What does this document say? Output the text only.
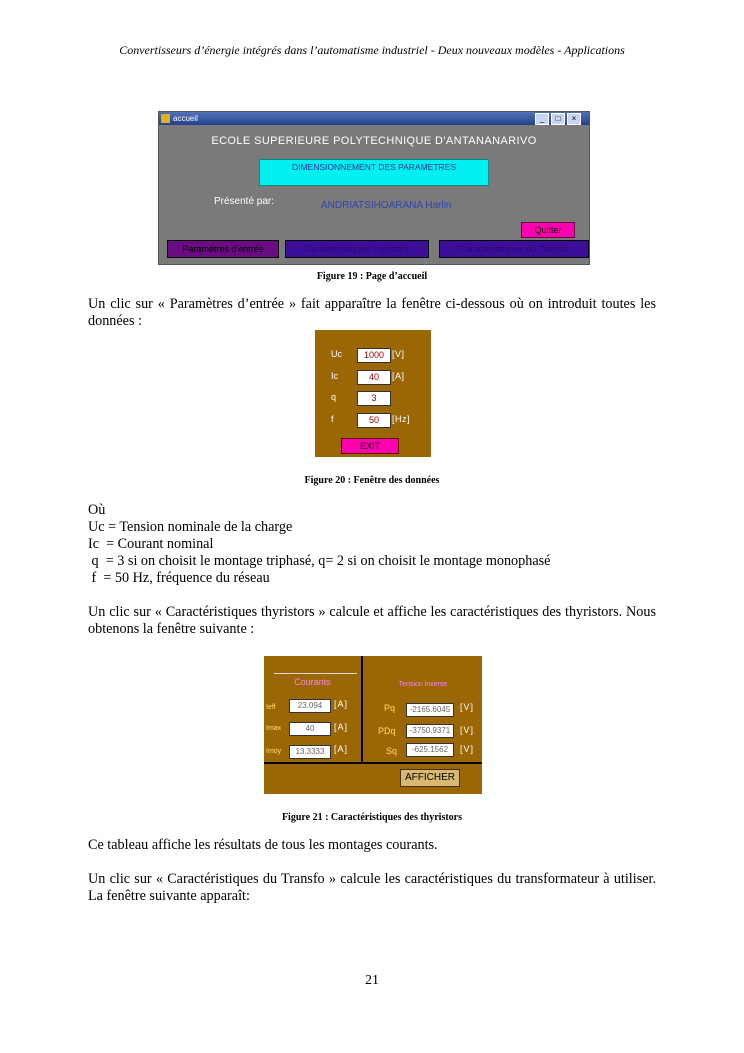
Convertisseurs d’énergie intégrés dans l’automatisme industriel - Deux nouveaux modèles - Applications
accueil	_	□	×
ECOLE SUPERIEURE POLYTECHNIQUE D'ANTANANARIVO
DIMENSIONNEMENT DES PARAMETRES
Présenté par:	ANDRIATSIHOARANA Harlin
Quitter
Paramètres d'entrée	Caractéristiques thyristors	Caractéristiques du Transfo
Figure 19 : Page d’accueil
Un clic sur « Paramètres d’entrée » fait apparaître la fenêtre ci-dessous où on introduit toutes les données :
Uc	1000 [V]
Ic	40	[A]
q	3
f	50	[Hz]
EXIT
Figure 20 : Fenêtre des données
Où
Uc = Tension nominale de la charge
Ic  = Courant nominal
q  = 3 si on choisit le montage triphasé, q= 2 si on choisit le montage monophasé
f  = 50 Hz, fréquence du réseau
Un clic sur « Caractéristiques thyristors » calcule et affiche les caractéristiques des thyristors. Nous obtenons la fenêtre suivante :
Courants	Tension inverse
Ieff	23.094	[A]
Imax	40	[A]
Imoy	13.3333	[A]
Pq	-2165.6045	[V]
PDq	-3750.9371	[V]
Sq	-625.1562	[V]
AFFICHER
Figure 21 : Caractéristiques des thyristors
Ce tableau affiche les résultats de tous les montages courants.
Un clic sur « Caractéristiques du Transfo » calcule les caractéristiques du transformateur à utiliser. La fenêtre suivante apparaît:
21
